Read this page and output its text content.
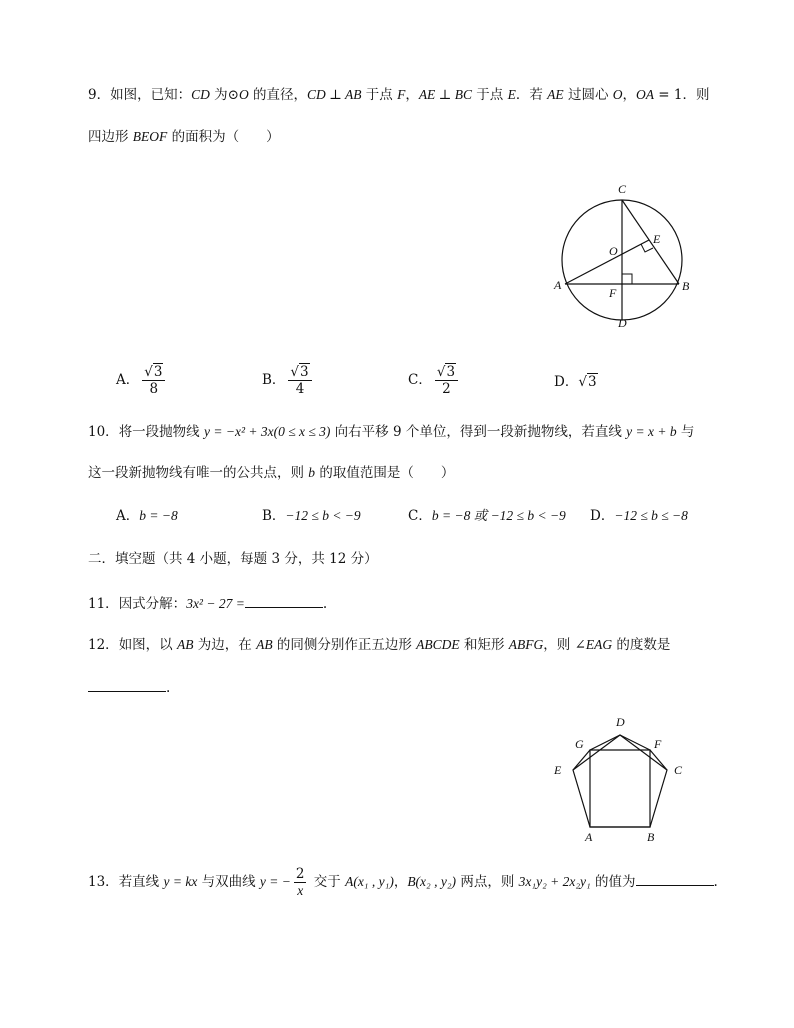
9．如图，已知：CD 为⊙O 的直径，CD ⊥ AB 于点 F，AE ⊥ BC 于点 E．若 AE 过圆心 O，OA = 1．则
四边形 BEOF 的面积为（　　）
C
O
E
A
F	B
D
A． $\frac{√3}{8}$	B． $\frac{√3}{4}$	C． $\frac{√3}{2}$	D．√3
10．将一段抛物线 y = −x² + 3x(0 ≤ x ≤ 3) 向右平移 9 个单位，得到一段新抛物线，若直线 y = x + b 与
这一段新抛物线有唯一的公共点，则 b 的取值范围是（　　）
A．b = −8	B．−12 ≤ b < −9	C．b = −8 或 −12 ≤ b < −9 D．−12 ≤ b ≤ −8
二．填空题（共 4 小题，每题 3 分，共 12 分）
11．因式分解：3x² − 27 =	.
12．如图，以 AB 为边，在 AB 的同侧分别作正五边形 ABCDE 和矩形 ABFG，则 ∠EAG 的度数是
.
D
G	F
E	C
A	B
13．若直线 y = kx 与双曲线 y = − $\frac{2}{x}$ 交于 A(x₁ , y₁)，B(x₂ , y₂) 两点，则 3x₁y₂ + 2x₂y₁ 的值为	.
